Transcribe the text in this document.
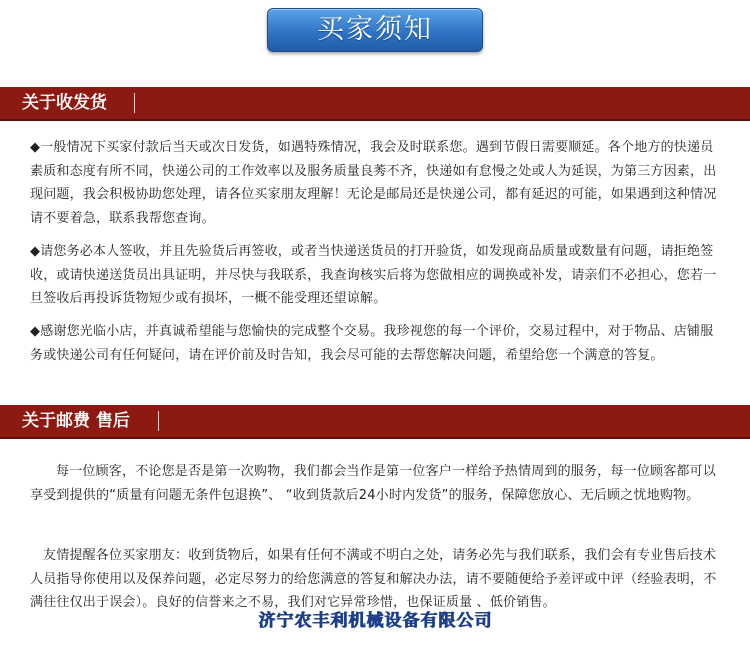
买家须知
关于收发货
◆一般情况下买家付款后当天或次日发货，如遇特殊情况，我会及时联系您。遇到节假日需要顺延。各个地方的快递员素质和态度有所不同，快递公司的工作效率以及服务质量良莠不齐，快递如有怠慢之处或人为延误，为第三方因素，出现问题，我会积极协助您处理，请各位买家朋友理解！无论是邮局还是快递公司，都有延迟的可能，如果遇到这种情况请不要着急，联系我帮您查询。
◆请您务必本人签收，并且先验货后再签收，或者当快递送货员的打开验货，如发现商品质量或数量有问题，请拒绝签收，或请快递送货员出具证明，并尽快与我联系，我查询核实后将为您做相应的调换或补发，请亲们不必担心，您若一旦签收后再投诉货物短少或有损坏，一概不能受理还望谅解。
◆感谢您光临小店，并真诚希望能与您愉快的完成整个交易。我珍视您的每一个评价，交易过程中，对于物品、店铺服务或快递公司有任何疑问，请在评价前及时告知，我会尽可能的去帮您解决问题，希望给您一个满意的答复。
关于邮费 售后
每一位顾客，不论您是否是第一次购物，我们都会当作是第一位客户一样给予热情周到的服务，每一位顾客都可以享受到提供的“质量有问题无条件包退换”、 “收到货款后24小时内发货”的服务，保障您放心、无后顾之忧地购物。
友情提醒各位买家朋友：收到货物后，如果有任何不满或不明白之处，请务必先与我们联系，我们会有专业售后技术人员指导你使用以及保养问题，必定尽努力的给您满意的答复和解决办法，请不要随便给予差评或中评（经验表明，不满往往仅出于误会）。良好的信誉来之不易，我们对它异常珍惜，也保证质量 、低价销售。
济宁农丰利机械设备有限公司
